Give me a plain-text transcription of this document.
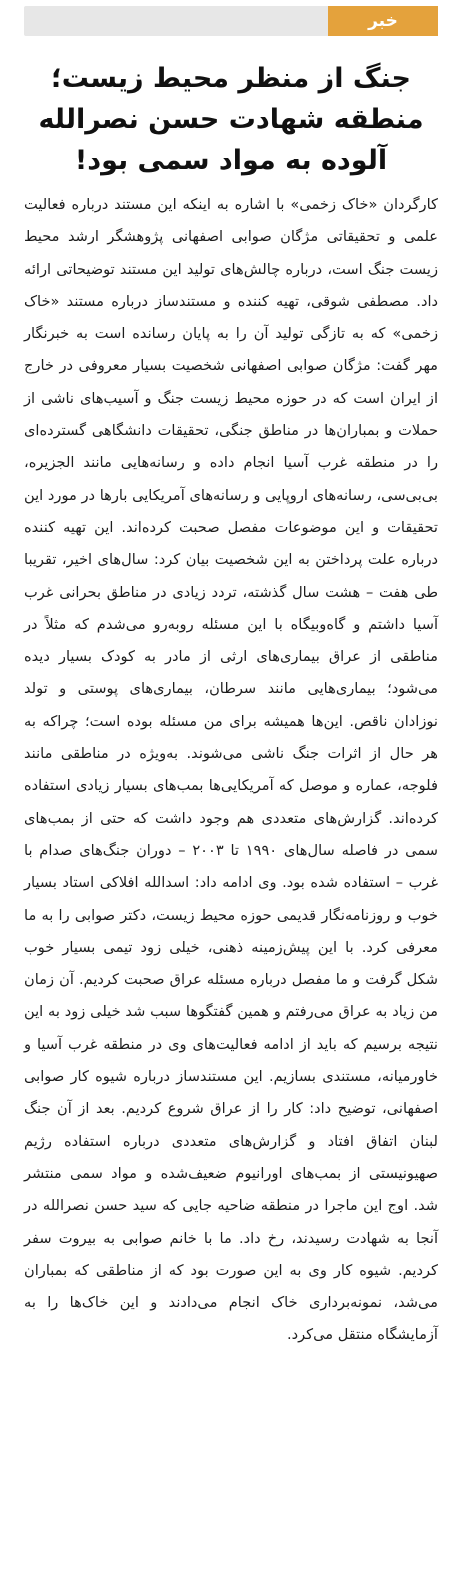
خبر
جنگ از منظر محیط زیست؛ منطقه شهادت حسن نصرالله آلوده به مواد سمی بود!

کارگردان «خاک زخمی» با اشاره به اینکه این مستند درباره فعالیت علمی و تحقیقاتی مژگان صوابی اصفهانی پژوهشگر ارشد محیط زیست جنگ است، درباره چالش‌های تولید این مستند توضیحاتی ارائه داد. مصطفی شوقی، تهیه کننده و مستندساز درباره مستند «خاک زخمی» که به تازگی تولید آن را به پایان رسانده است به خبرنگار مهر گفت: مژگان صوابی اصفهانی شخصیت بسیار معروفی در خارج از ایران است که در حوزه محیط زیست جنگ و آسیب‌های ناشی از حملات و بمباران‌ها در مناطق جنگی، تحقیقات دانشگاهی گسترده‌ای را در منطقه غرب آسیا انجام داده و رسانه‌هایی مانند الجزیره، بی‌بی‌سی، رسانه‌های اروپایی و رسانه‌های آمریکایی بارها در مورد این تحقیقات و این موضوعات مفصل صحبت کرده‌اند. این تهیه کننده درباره علت پرداختن به این شخصیت بیان کرد: سال‌های اخیر، تقریبا طی هفت – هشت سال گذشته، تردد زیادی در مناطق بحرانی غرب آسیا داشتم و گاه‌وبیگاه با این مسئله روبه‌رو می‌شدم که مثلاً در مناطقی از عراق بیماری‌های ارثی از مادر به کودک بسیار دیده می‌شود؛ بیماری‌هایی مانند سرطان، بیماری‌های پوستی و تولد نوزادان ناقص. این‌ها همیشه برای من مسئله بوده است؛ چراکه به هر حال از اثرات جنگ ناشی می‌شوند. به‌ویژه در مناطقی مانند فلوجه، عماره و موصل که آمریکایی‌ها بمب‌های بسیار زیادی استفاده کرده‌اند. گزارش‌های متعددی هم وجود داشت که حتی از بمب‌های سمی در فاصله سال‌های ۱۹۹۰ تا ۲۰۰۳ – دوران جنگ‌های صدام با غرب – استفاده شده بود. وی ادامه داد: اسدالله افلاکی استاد بسیار خوب و روزنامه‌نگار قدیمی حوزه محیط زیست، دکتر صوابی را به ما معرفی کرد. با این پیش‌زمینه ذهنی، خیلی زود تیمی بسیار خوب شکل گرفت و ما مفصل درباره مسئله عراق صحبت کردیم. آن زمان من زیاد به عراق می‌رفتم و همین گفتگوها سبب شد خیلی زود به این نتیجه برسیم که باید از ادامه فعالیت‌های وی در منطقه غرب آسیا و خاورمیانه، مستندی بسازیم. این مستندساز درباره شیوه کار صوابی اصفهانی، توضیح داد: کار را از عراق شروع کردیم. بعد از آن جنگ لبنان اتفاق افتاد و گزارش‌های متعددی درباره استفاده رژیم صهیونیستی از بمب‌های اورانیوم ضعیف‌شده و مواد سمی منتشر شد. اوج این ماجرا در منطقه ضاحیه جایی که سید حسن نصرالله در آنجا به شهادت رسیدند، رخ داد. ما با خانم صوابی به بیروت سفر کردیم. شیوه کار وی به این صورت بود که از مناطقی که بمباران می‌شد، نمونه‌برداری خاک انجام می‌دادند و این خاک‌ها را به آزمایشگاه منتقل می‌کرد.
